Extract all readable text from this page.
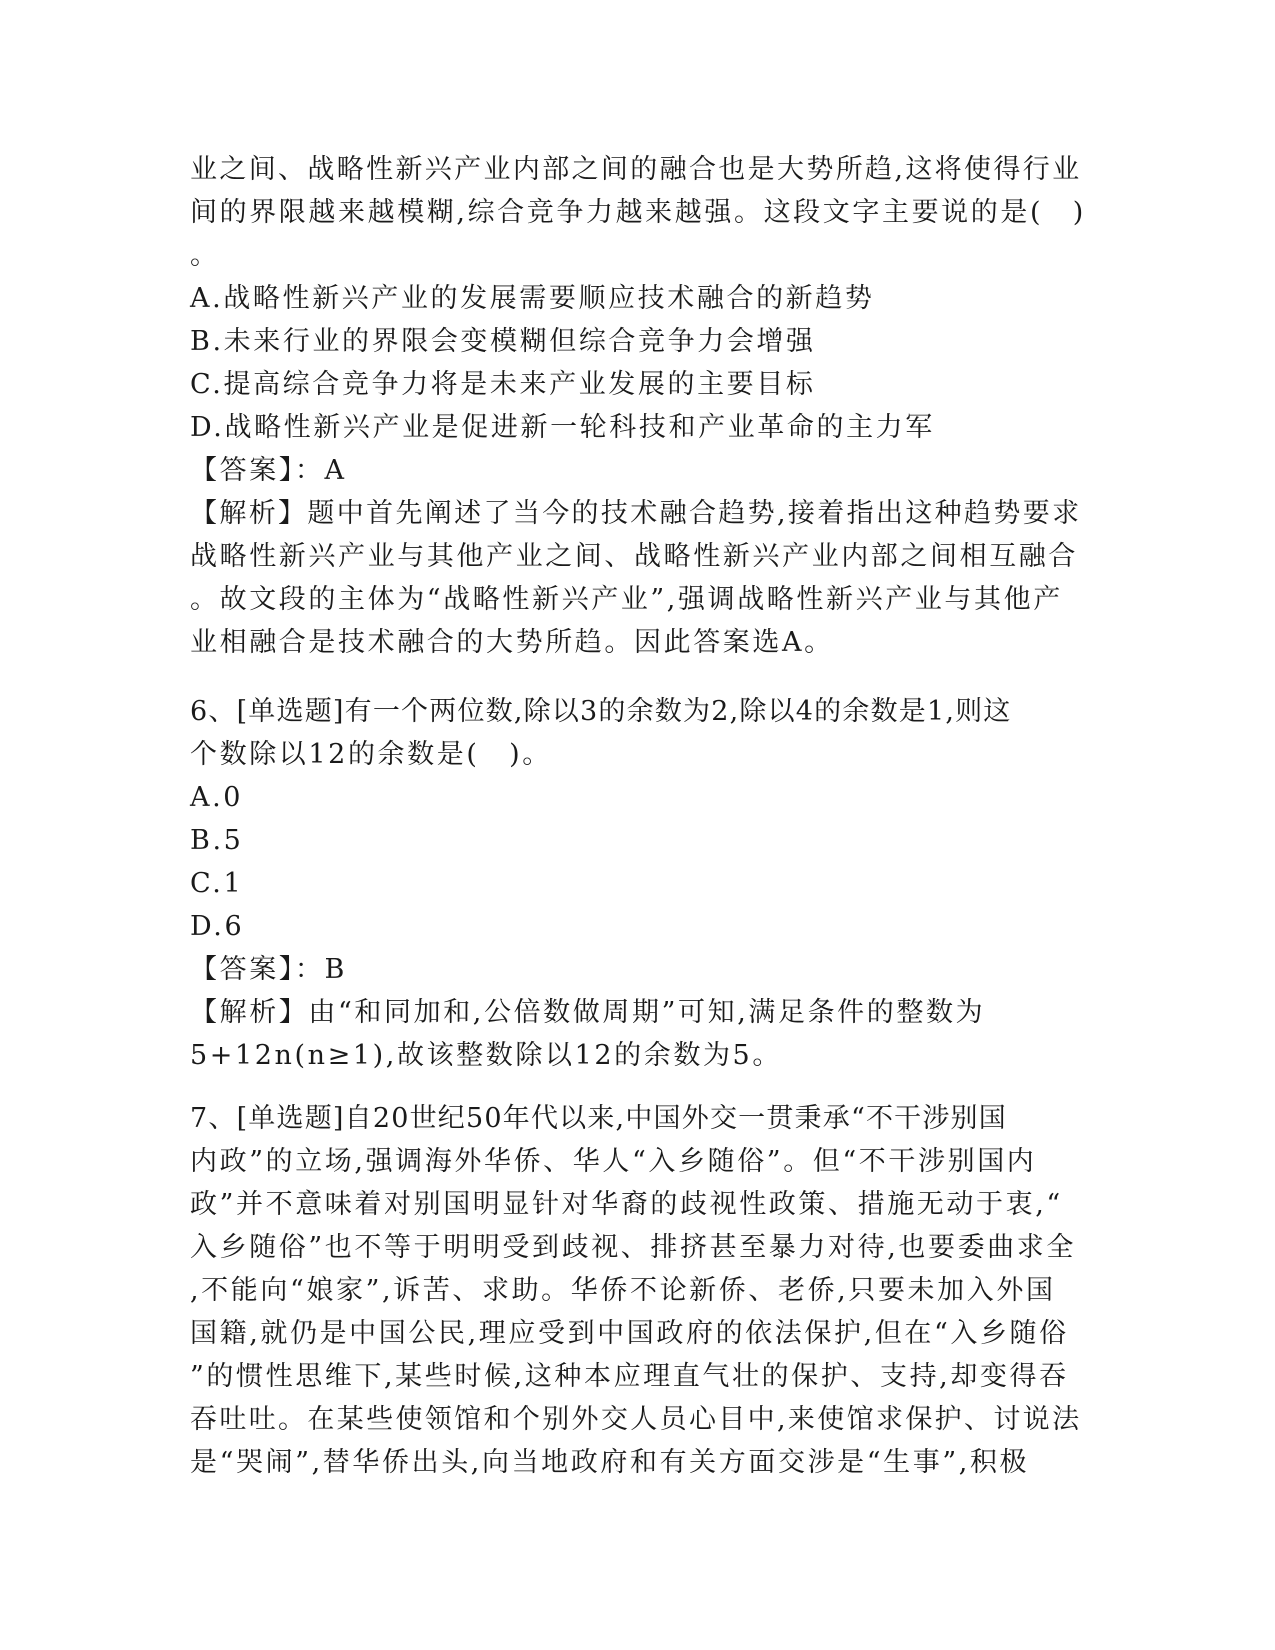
业之间、战略性新兴产业内部之间的融合也是大势所趋,这将使得行业
间的界限越来越模糊,综合竞争力越来越强。这段文字主要说的是(　)
。
A.战略性新兴产业的发展需要顺应技术融合的新趋势
B.未来行业的界限会变模糊但综合竞争力会增强
C.提高综合竞争力将是未来产业发展的主要目标
D.战略性新兴产业是促进新一轮科技和产业革命的主力军
【答案】：A
【解析】题中首先阐述了当今的技术融合趋势,接着指出这种趋势要求
战略性新兴产业与其他产业之间、战略性新兴产业内部之间相互融合
。故文段的主体为“战略性新兴产业”,强调战略性新兴产业与其他产
业相融合是技术融合的大势所趋。因此答案选A。
6、[单选题]有一个两位数,除以3的余数为2,除以4的余数是1,则这
个数除以12的余数是(　)。
A.0
B.5
C.1
D.6
【答案】：B
【解析】由“和同加和,公倍数做周期”可知,满足条件的整数为
5+12n(n≥1),故该整数除以12的余数为5。
7、[单选题]自20世纪50年代以来,中国外交一贯秉承“不干涉别国
内政”的立场,强调海外华侨、华人“入乡随俗”。但“不干涉别国内
政”并不意味着对别国明显针对华裔的歧视性政策、措施无动于衷,“
入乡随俗”也不等于明明受到歧视、排挤甚至暴力对待,也要委曲求全
,不能向“娘家”,诉苦、求助。华侨不论新侨、老侨,只要未加入外国
国籍,就仍是中国公民,理应受到中国政府的依法保护,但在“入乡随俗
”的惯性思维下,某些时候,这种本应理直气壮的保护、支持,却变得吞
吞吐吐。在某些使领馆和个别外交人员心目中,来使馆求保护、讨说法
是“哭闹”,替华侨出头,向当地政府和有关方面交涉是“生事”,积极
